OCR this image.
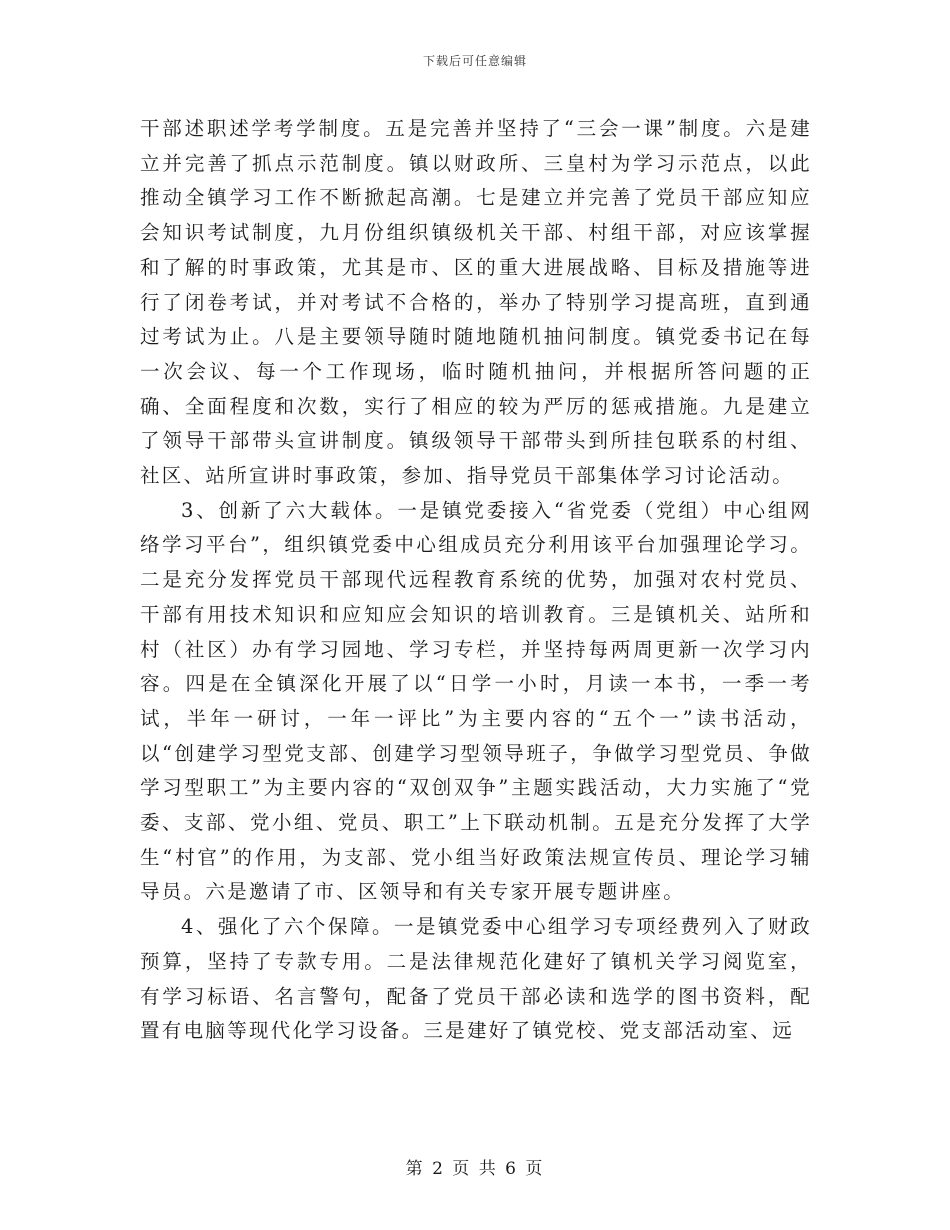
下载后可任意编辑

干部述职述学考学制度。五是完善并坚持了“三会一课”制度。六是建立并完善了抓点示范制度。镇以财政所、三皇村为学习示范点，以此推动全镇学习工作不断掀起高潮。七是建立并完善了党员干部应知应会知识考试制度，九月份组织镇级机关干部、村组干部，对应该掌握和了解的时事政策，尤其是市、区的重大进展战略、目标及措施等进行了闭卷考试，并对考试不合格的，举办了特别学习提高班，直到通过考试为止。八是主要领导随时随地随机抽问制度。镇党委书记在每一次会议、每一个工作现场，临时随机抽问，并根据所答问题的正确、全面程度和次数，实行了相应的较为严厉的惩戒措施。九是建立了领导干部带头宣讲制度。镇级领导干部带头到所挂包联系的村组、社区、站所宣讲时事政策，参加、指导党员干部集体学习讨论活动。

3、创新了六大载体。一是镇党委接入“省党委（党组）中心组网络学习平台”，组织镇党委中心组成员充分利用该平台加强理论学习。二是充分发挥党员干部现代远程教育系统的优势，加强对农村党员、干部有用技术知识和应知应会知识的培训教育。三是镇机关、站所和村（社区）办有学习园地、学习专栏，并坚持每两周更新一次学习内容。四是在全镇深化开展了以“日学一小时，月读一本书，一季一考试，半年一研讨，一年一评比”为主要内容的“五个一”读书活动，以“创建学习型党支部、创建学习型领导班子，争做学习型党员、争做学习型职工”为主要内容的“双创双争”主题实践活动，大力实施了“党委、支部、党小组、党员、职工”上下联动机制。五是充分发挥了大学生“村官”的作用，为支部、党小组当好政策法规宣传员、理论学习辅导员。六是邀请了市、区领导和有关专家开展专题讲座。

4、强化了六个保障。一是镇党委中心组学习专项经费列入了财政预算，坚持了专款专用。二是法律规范化建好了镇机关学习阅览室，有学习标语、名言警句，配备了党员干部必读和选学的图书资料，配置有电脑等现代化学习设备。三是建好了镇党校、党支部活动室、远

第 2 页 共 6 页
